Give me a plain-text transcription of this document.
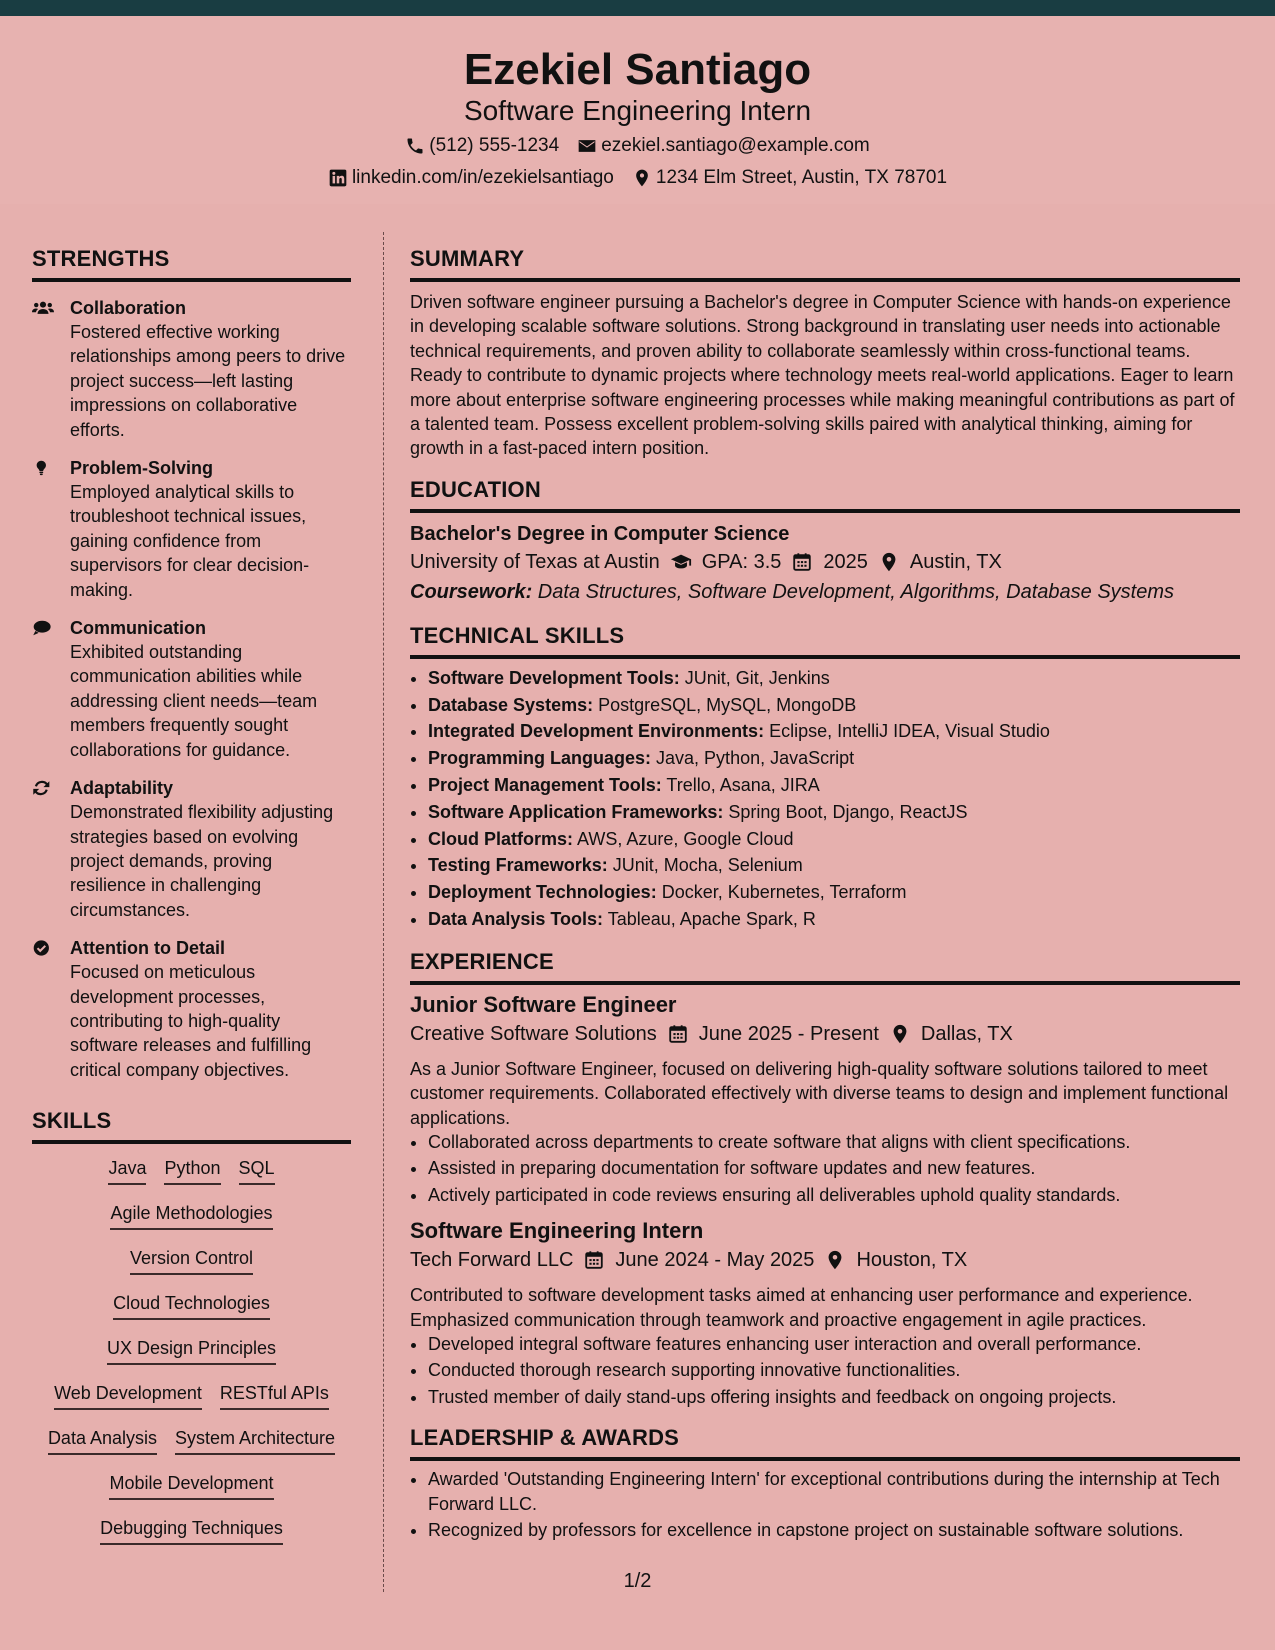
Ezekiel Santiago
Software Engineering Intern
(512) 555-1234 ezekiel.santiago@example.com
linkedin.com/in/ezekielsantiago 1234 Elm Street, Austin, TX 78701
STRENGTHS
Collaboration
Fostered effective working relationships among peers to drive project success—left lasting impressions on collaborative efforts.
Problem-Solving
Employed analytical skills to troubleshoot technical issues, gaining confidence from supervisors for clear decision-making.
Communication
Exhibited outstanding communication abilities while addressing client needs—team members frequently sought collaborations for guidance.
Adaptability
Demonstrated flexibility adjusting strategies based on evolving project demands, proving resilience in challenging circumstances.
Attention to Detail
Focused on meticulous development processes, contributing to high-quality software releases and fulfilling critical company objectives.
SKILLS
Java Python SQL
Agile Methodologies
Version Control
Cloud Technologies
UX Design Principles
Web Development RESTful APIs
Data Analysis System Architecture
Mobile Development
Debugging Techniques
SUMMARY
Driven software engineer pursuing a Bachelor's degree in Computer Science with hands-on experience in developing scalable software solutions. Strong background in translating user needs into actionable technical requirements, and proven ability to collaborate seamlessly within cross-functional teams. Ready to contribute to dynamic projects where technology meets real-world applications. Eager to learn more about enterprise software engineering processes while making meaningful contributions as part of a talented team. Possess excellent problem-solving skills paired with analytical thinking, aiming for growth in a fast-paced intern position.
EDUCATION
Bachelor's Degree in Computer Science
University of Texas at Austin GPA: 3.5 2025 Austin, TX
Coursework: Data Structures, Software Development, Algorithms, Database Systems
TECHNICAL SKILLS
• Software Development Tools: JUnit, Git, Jenkins
• Database Systems: PostgreSQL, MySQL, MongoDB
• Integrated Development Environments: Eclipse, IntelliJ IDEA, Visual Studio
• Programming Languages: Java, Python, JavaScript
• Project Management Tools: Trello, Asana, JIRA
• Software Application Frameworks: Spring Boot, Django, ReactJS
• Cloud Platforms: AWS, Azure, Google Cloud
• Testing Frameworks: JUnit, Mocha, Selenium
• Deployment Technologies: Docker, Kubernetes, Terraform
• Data Analysis Tools: Tableau, Apache Spark, R
EXPERIENCE
Junior Software Engineer
Creative Software Solutions June 2025 - Present Dallas, TX
As a Junior Software Engineer, focused on delivering high-quality software solutions tailored to meet customer requirements. Collaborated effectively with diverse teams to design and implement functional applications.
• Collaborated across departments to create software that aligns with client specifications.
• Assisted in preparing documentation for software updates and new features.
• Actively participated in code reviews ensuring all deliverables uphold quality standards.
Software Engineering Intern
Tech Forward LLC June 2024 - May 2025 Houston, TX
Contributed to software development tasks aimed at enhancing user performance and experience. Emphasized communication through teamwork and proactive engagement in agile practices.
• Developed integral software features enhancing user interaction and overall performance.
• Conducted thorough research supporting innovative functionalities.
• Trusted member of daily stand-ups offering insights and feedback on ongoing projects.
LEADERSHIP & AWARDS
• Awarded 'Outstanding Engineering Intern' for exceptional contributions during the internship at Tech Forward LLC.
• Recognized by professors for excellence in capstone project on sustainable software solutions.
1/2
